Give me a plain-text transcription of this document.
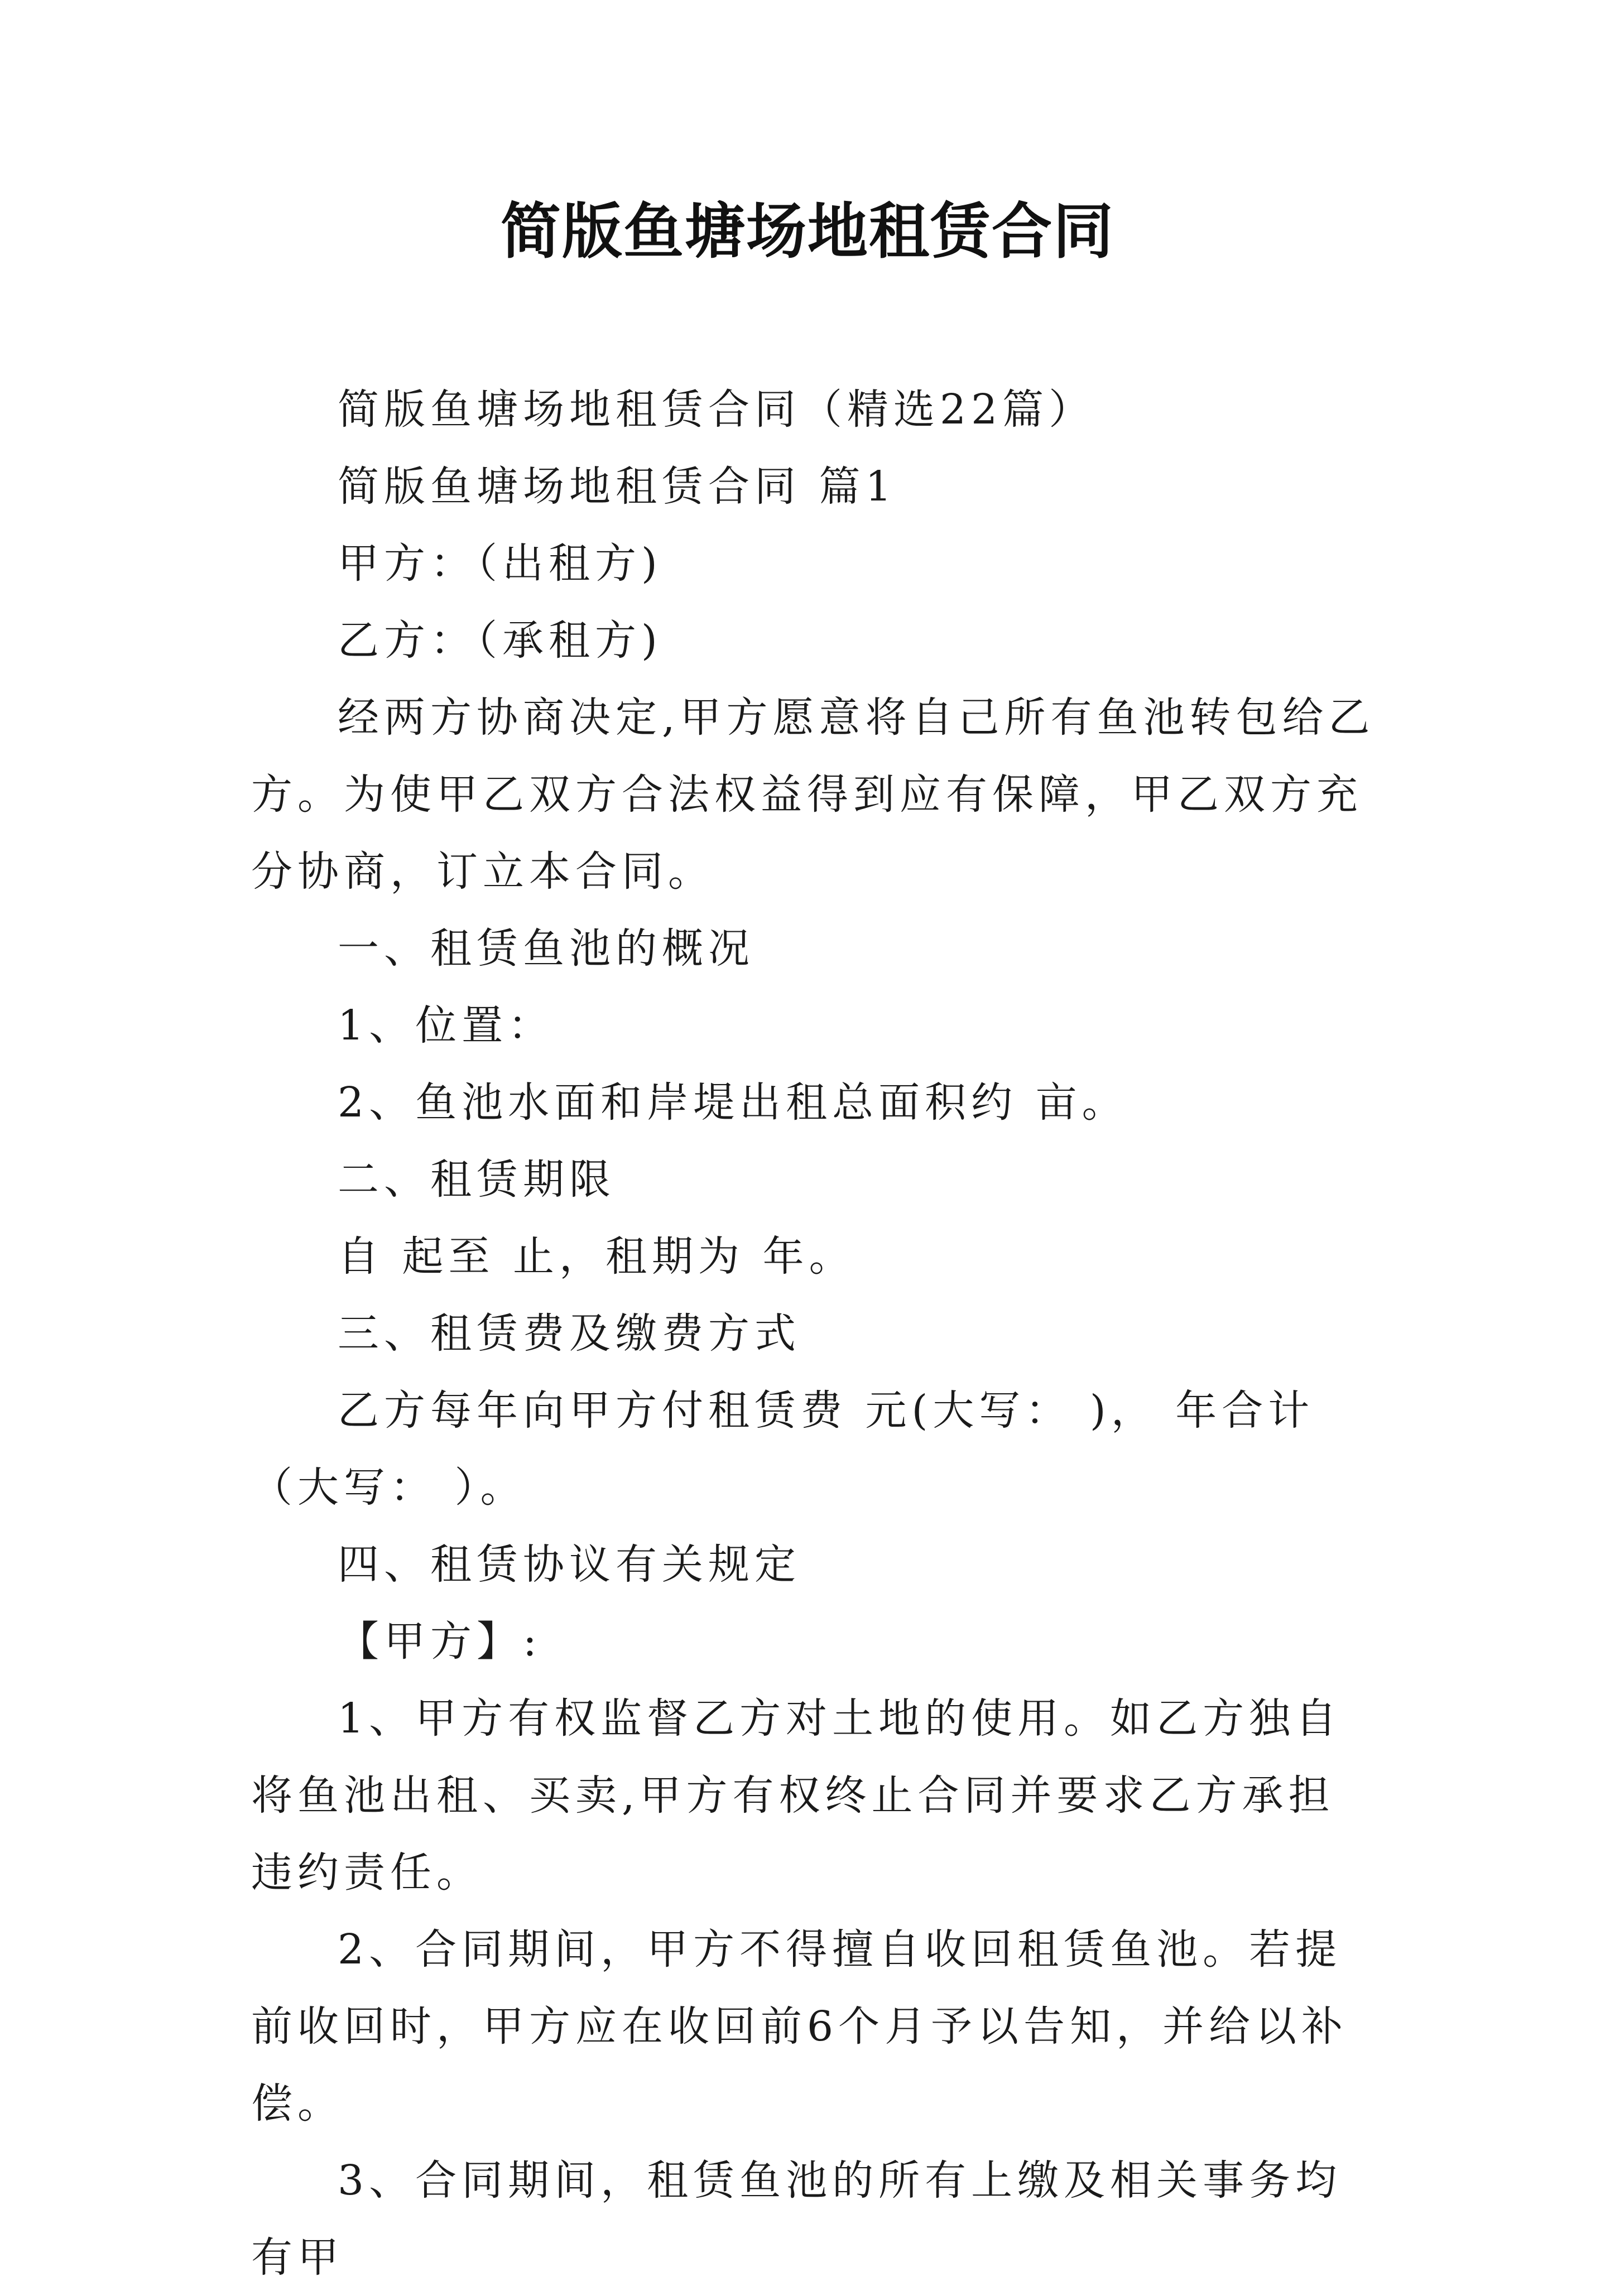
简版鱼塘场地租赁合同

简版鱼塘场地租赁合同（精选22篇）

简版鱼塘场地租赁合同 篇1

甲方：（出租方)

乙方：（承租方)

经两方协商决定,甲方愿意将自己所有鱼池转包给乙方。为使甲乙双方合法权益得到应有保障，甲乙双方充分协商，订立本合同。

一、租赁鱼池的概况

1、位置：

2、鱼池水面和岸堤出租总面积约 亩。

二、租赁期限

自 起至 止，租期为 年。

三、租赁费及缴费方式

乙方每年向甲方付租赁费 元(大写： )， 年合计（大写： ）。

四、租赁协议有关规定

【甲方】:

1、甲方有权监督乙方对土地的使用。如乙方独自将鱼池出租、买卖,甲方有权终止合同并要求乙方承担违约责任。

2、合同期间，甲方不得擅自收回租赁鱼池。若提前收回时，甲方应在收回前6个月予以告知，并给以补偿。

3、合同期间，租赁鱼池的所有上缴及相关事务均有甲
